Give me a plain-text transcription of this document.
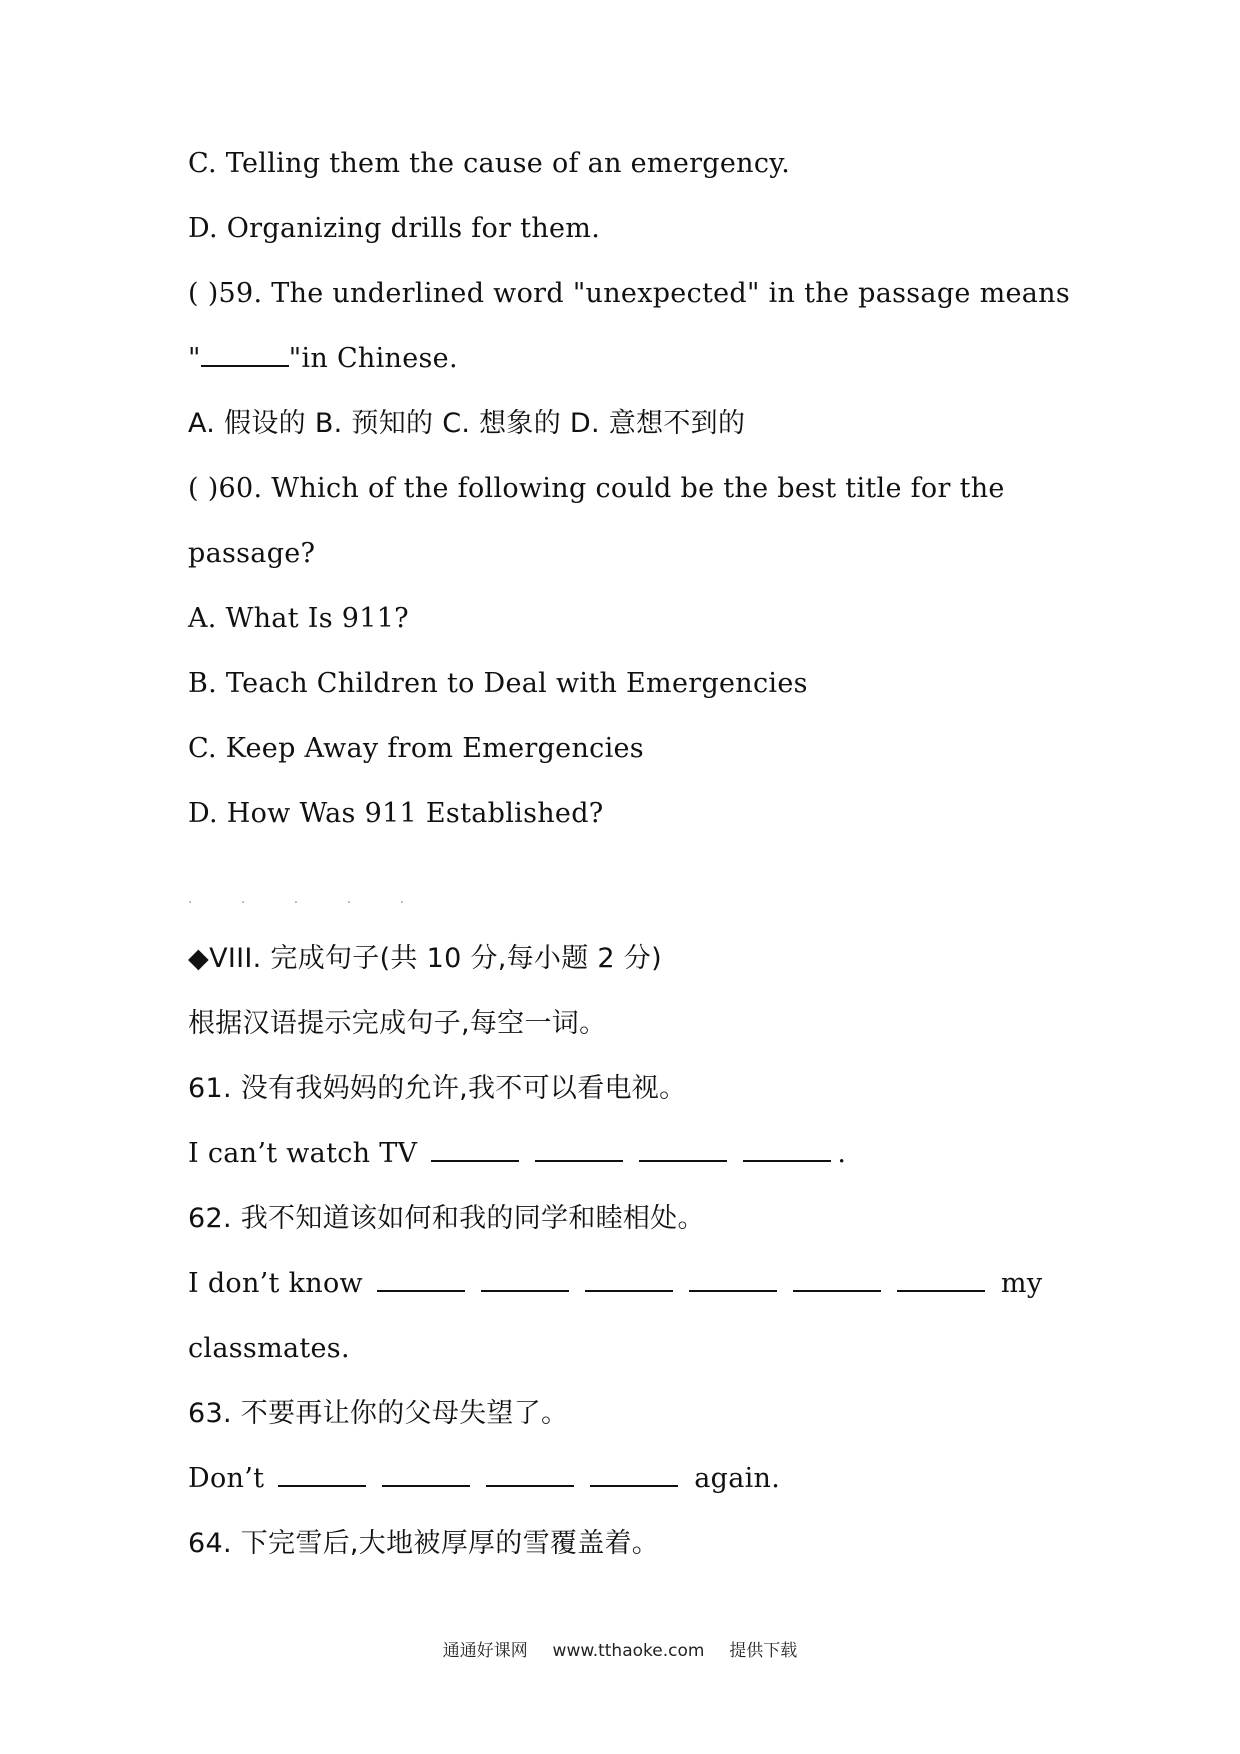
C. Telling them the cause of an emergency.
D. Organizing drills for them.
( )59. The underlined word "unexpected" in the passage means
"	"in Chinese.
A. 假设的 B. 预知的 C. 想象的 D. 意想不到的
( )60. Which of the following could be the best title for the
passage?
A. What Is 911?
B. Teach Children to Deal with Emergencies
C. Keep Away from Emergencies
D. How Was 911 Established?
· · · · ·
◆VIII. 完成句子(共 10 分,每小题 2 分)
根据汉语提示完成句子,每空一词。
61. 没有我妈妈的允许,我不可以看电视。
I can’t watch TV	.
62. 我不知道该如何和我的同学和睦相处。
I don’t know	my
classmates.
63. 不要再让你的父母失望了。
Don’t	again.
64. 下完雪后,大地被厚厚的雪覆盖着。
通通好课网 www.tthaoke.com 提供下载
